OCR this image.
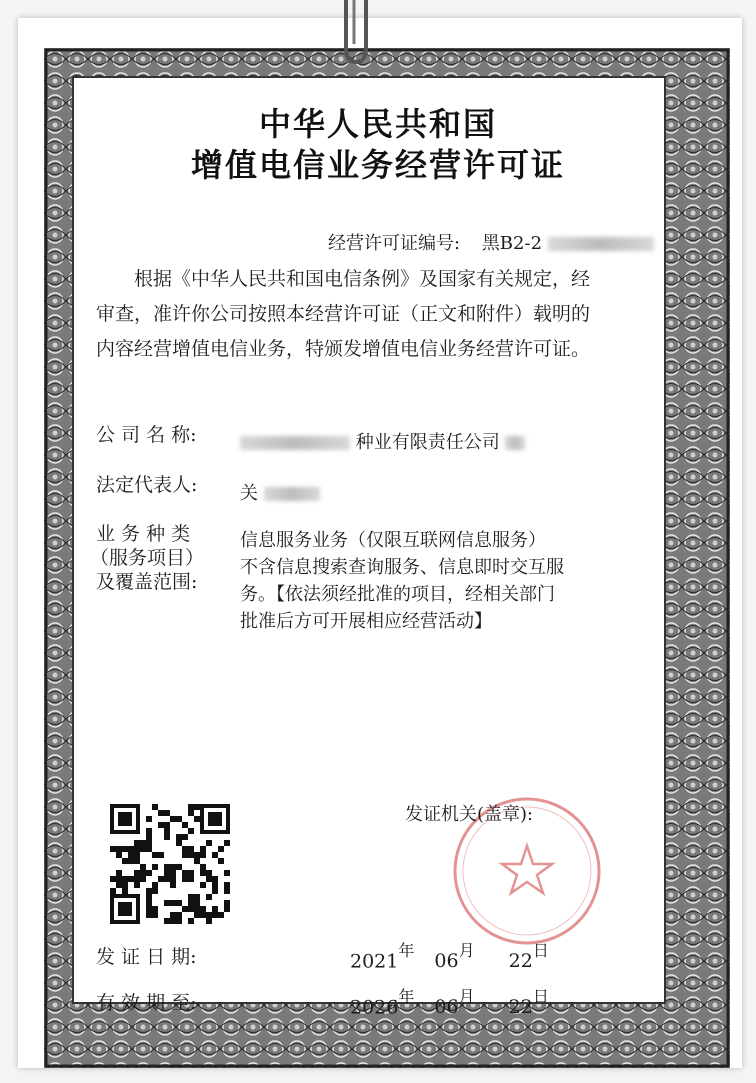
中华人民共和国
增值电信业务经营许可证
经营许可证编号: 黑B2-2
根据《中华人民共和国电信条例》及国家有关规定，经
审查，准许你公司按照本经营许可证（正文和附件）载明的
内容经营增值电信业务，特颁发增值电信业务经营许可证。
公 司 名 称:	种业有限责任公司
法定代表人: 关
业 务 种 类
（服务项目）
及覆盖范围:
信息服务业务（仅限互联网信息服务）
不含信息搜索查询服务、信息即时交互服
务。【依法须经批准的项目，经相关部门
批准后方可开展相应经营活动】
发证机关(盖章):
发 证 日 期:	$2021^年$ $06^月$ $22^日$
有 效 期 至:	$2026^年$ $06^月$ $22^日$
